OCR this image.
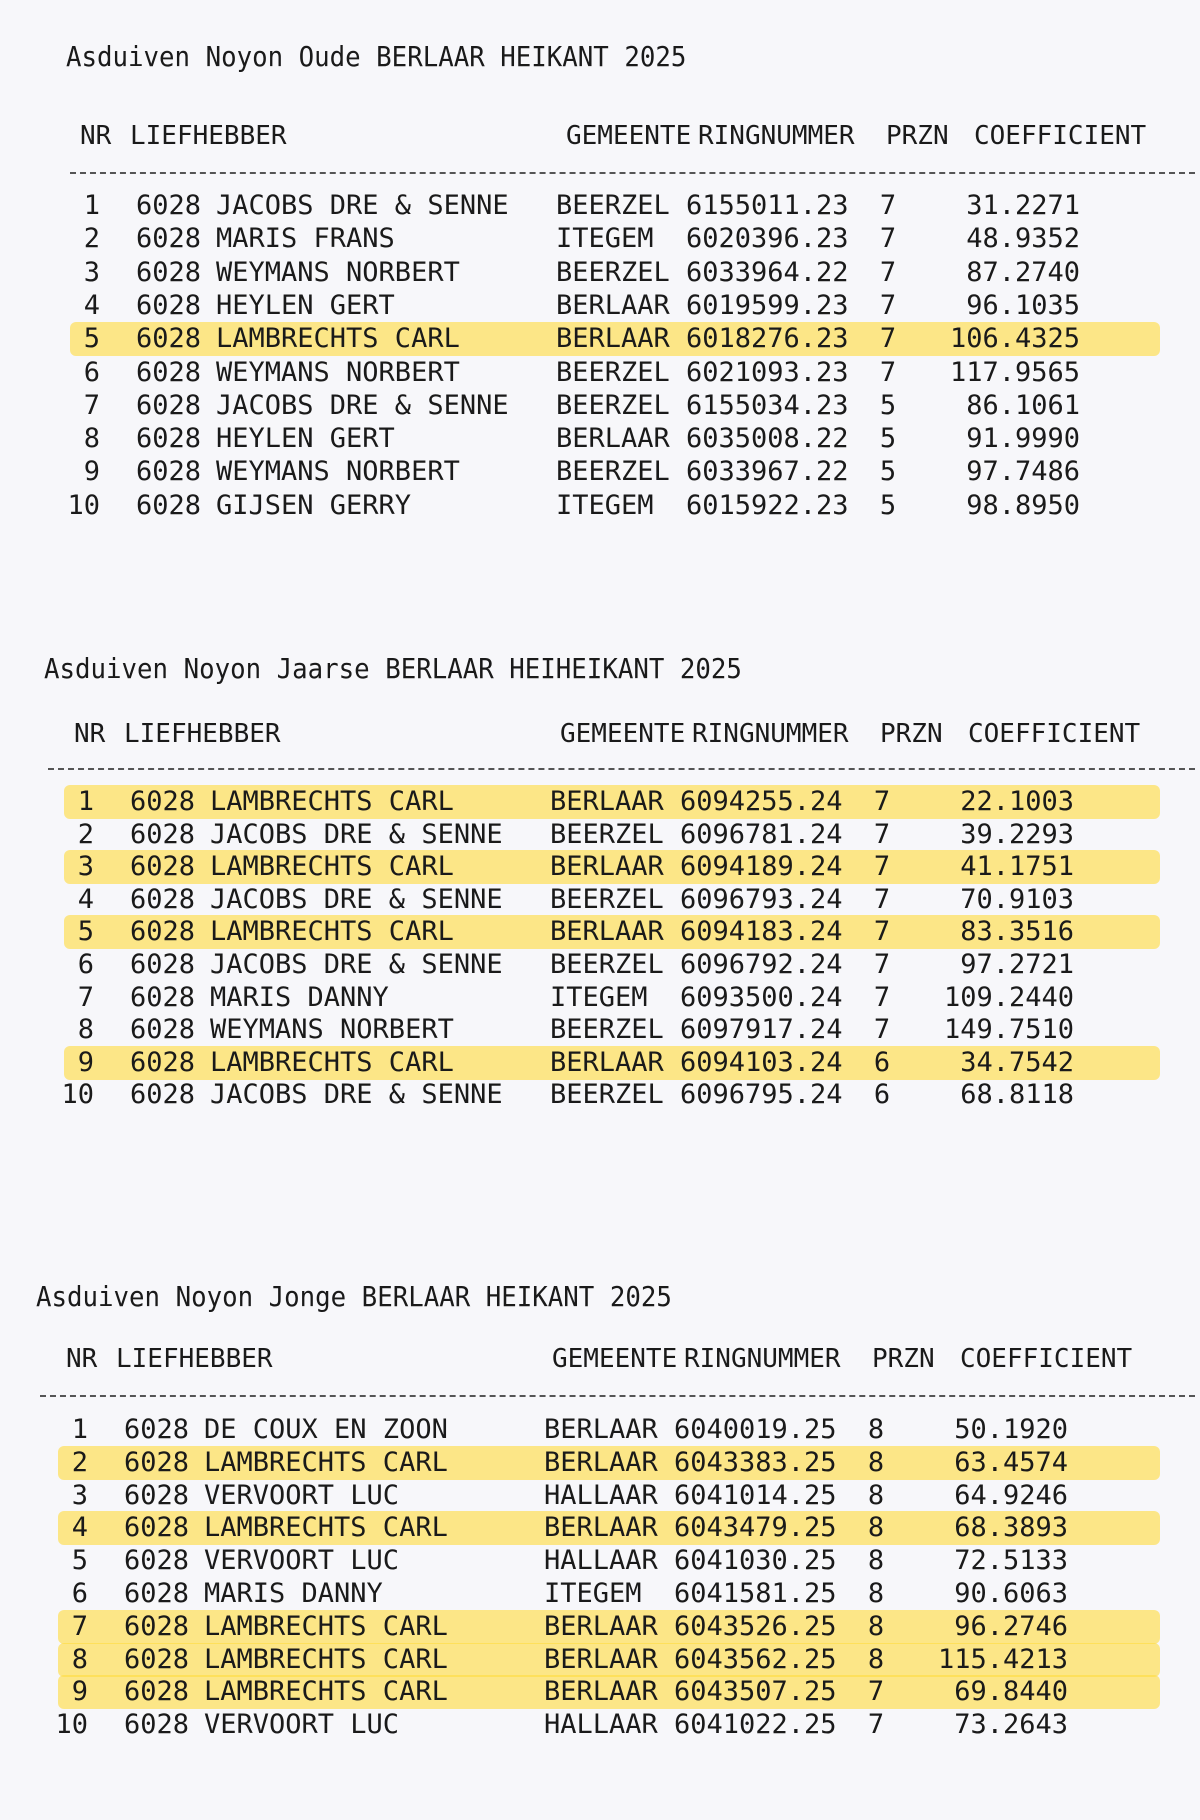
Asduiven Noyon Oude BERLAAR HEIKANT 2025
NR LIEFHEBBER	GEMEENTE RINGNUMMER PRZN COEFFICIENT
1 6028 JACOBS DRE & SENNE BEERZEL 6155011.23 7	31.2271
2 6028 MARIS FRANS	ITEGEM 6020396.23 7	48.9352
3 6028 WEYMANS NORBERT	BEERZEL 6033964.22 7	87.2740
4 6028 HEYLEN GERT	BERLAAR 6019599.23 7	96.1035
5 6028 LAMBRECHTS CARL	BERLAAR 6018276.23 7	106.4325
6 6028 WEYMANS NORBERT	BEERZEL 6021093.23 7	117.9565
7 6028 JACOBS DRE & SENNE BEERZEL 6155034.23 5	86.1061
8 6028 HEYLEN GERT	BERLAAR 6035008.22 5	91.9990
9 6028 WEYMANS NORBERT	BEERZEL 6033967.22 5	97.7486
10 6028 GIJSEN GERRY	ITEGEM 6015922.23 5	98.8950
Asduiven Noyon Jaarse BERLAAR HEIHEIKANT 2025
NR LIEFHEBBER	GEMEENTE RINGNUMMER PRZN COEFFICIENT
1 6028 LAMBRECHTS CARL	BERLAAR 6094255.24 7	22.1003
2 6028 JACOBS DRE & SENNE BEERZEL 6096781.24 7	39.2293
3 6028 LAMBRECHTS CARL	BERLAAR 6094189.24 7	41.1751
4 6028 JACOBS DRE & SENNE BEERZEL 6096793.24 7	70.9103
5 6028 LAMBRECHTS CARL	BERLAAR 6094183.24 7	83.3516
6 6028 JACOBS DRE & SENNE BEERZEL 6096792.24 7	97.2721
7 6028 MARIS DANNY	ITEGEM 6093500.24 7	109.2440
8 6028 WEYMANS NORBERT	BEERZEL 6097917.24 7	149.7510
9 6028 LAMBRECHTS CARL	BERLAAR 6094103.24 6	34.7542
10 6028 JACOBS DRE & SENNE BEERZEL 6096795.24 6	68.8118
Asduiven Noyon Jonge BERLAAR HEIKANT 2025
NR LIEFHEBBER	GEMEENTE RINGNUMMER PRZN COEFFICIENT
1 6028 DE COUX EN ZOON	BERLAAR 6040019.25 8	50.1920
2 6028 LAMBRECHTS CARL	BERLAAR 6043383.25 8	63.4574
3 6028 VERVOORT LUC	HALLAAR 6041014.25 8	64.9246
4 6028 LAMBRECHTS CARL	BERLAAR 6043479.25 8	68.3893
5 6028 VERVOORT LUC	HALLAAR 6041030.25 8	72.5133
6 6028 MARIS DANNY	ITEGEM 6041581.25 8	90.6063
7 6028 LAMBRECHTS CARL	BERLAAR 6043526.25 8	96.2746
8 6028 LAMBRECHTS CARL	BERLAAR 6043562.25 8	115.4213
9 6028 LAMBRECHTS CARL	BERLAAR 6043507.25 7	69.8440
10 6028 VERVOORT LUC	HALLAAR 6041022.25 7	73.2643
